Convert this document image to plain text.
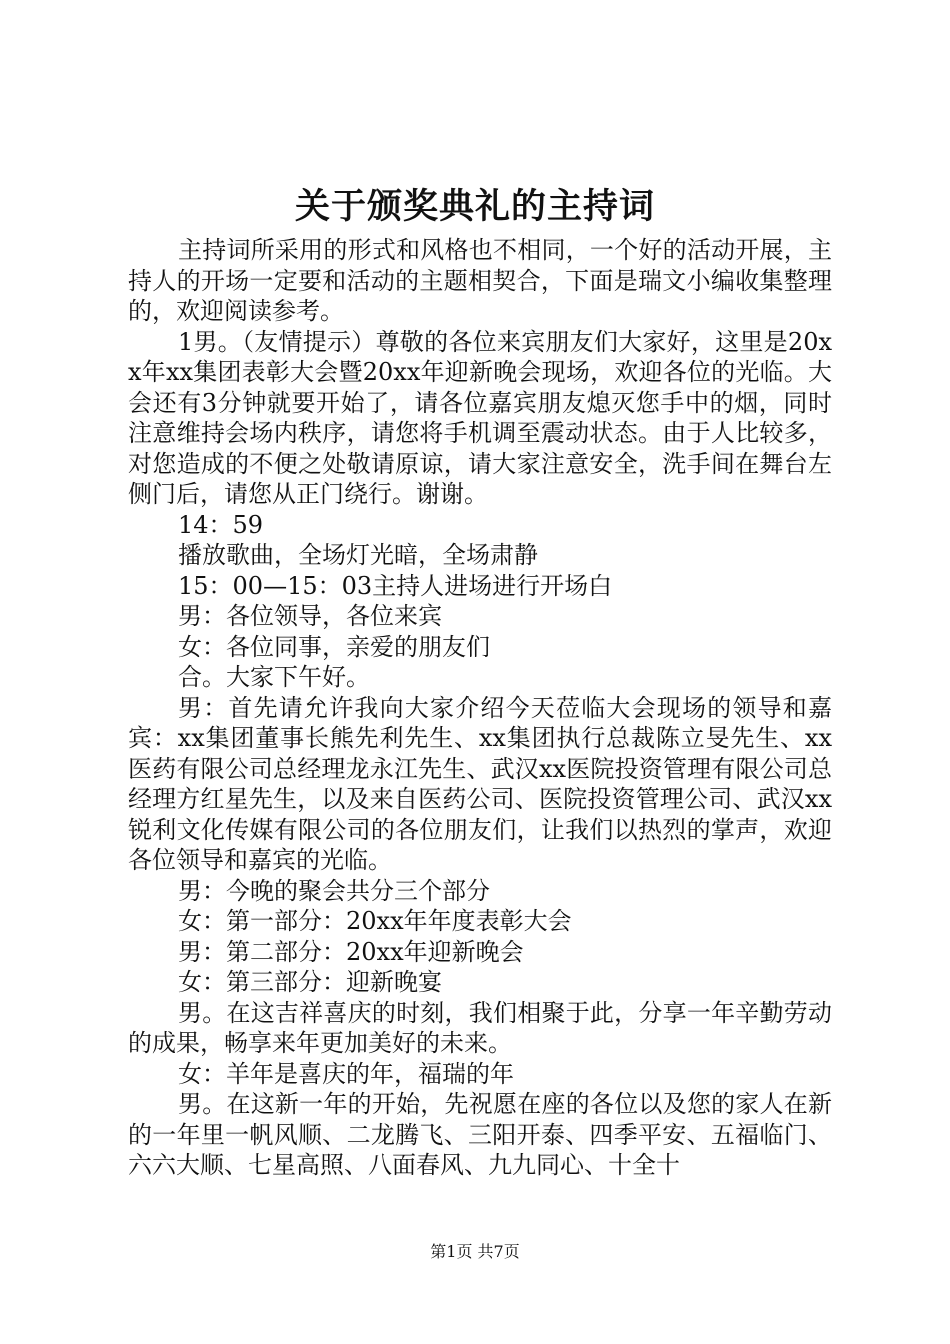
关于颁奖典礼的主持词

主持词所采用的形式和风格也不相同，一个好的活动开展，主持人的开场一定要和活动的主题相契合，下面是瑞文小编收集整理的，欢迎阅读参考。

1男。（友情提示）尊敬的各位来宾朋友们大家好，这里是20xx年xx集团表彰大会暨20xx年迎新晚会现场，欢迎各位的光临。大会还有3分钟就要开始了，请各位嘉宾朋友熄灭您手中的烟，同时注意维持会场内秩序，请您将手机调至震动状态。由于人比较多，对您造成的不便之处敬请原谅，请大家注意安全，洗手间在舞台左侧门后，请您从正门绕行。谢谢。

14：59

播放歌曲，全场灯光暗，全场肃静

15：00—15：03主持人进场进行开场白

男：各位领导，各位来宾

女：各位同事，亲爱的朋友们

合。大家下午好。

男：首先请允许我向大家介绍今天莅临大会现场的领导和嘉宾：xx集团董事长熊先利先生、xx集团执行总裁陈立旻先生、xx医药有限公司总经理龙永江先生、武汉xx医院投资管理有限公司总经理方红星先生，以及来自医药公司、医院投资管理公司、武汉xx锐利文化传媒有限公司的各位朋友们，让我们以热烈的掌声，欢迎各位领导和嘉宾的光临。

男：今晚的聚会共分三个部分

女：第一部分：20xx年年度表彰大会

男：第二部分：20xx年迎新晚会

女：第三部分：迎新晚宴

男。在这吉祥喜庆的时刻，我们相聚于此，分享一年辛勤劳动的成果，畅享来年更加美好的未来。

女：羊年是喜庆的年，福瑞的年

男。在这新一年的开始，先祝愿在座的各位以及您的家人在新的一年里一帆风顺、二龙腾飞、三阳开泰、四季平安、五福临门、六六大顺、七星高照、八面春风、九九同心、十全十

第1页 共7页
